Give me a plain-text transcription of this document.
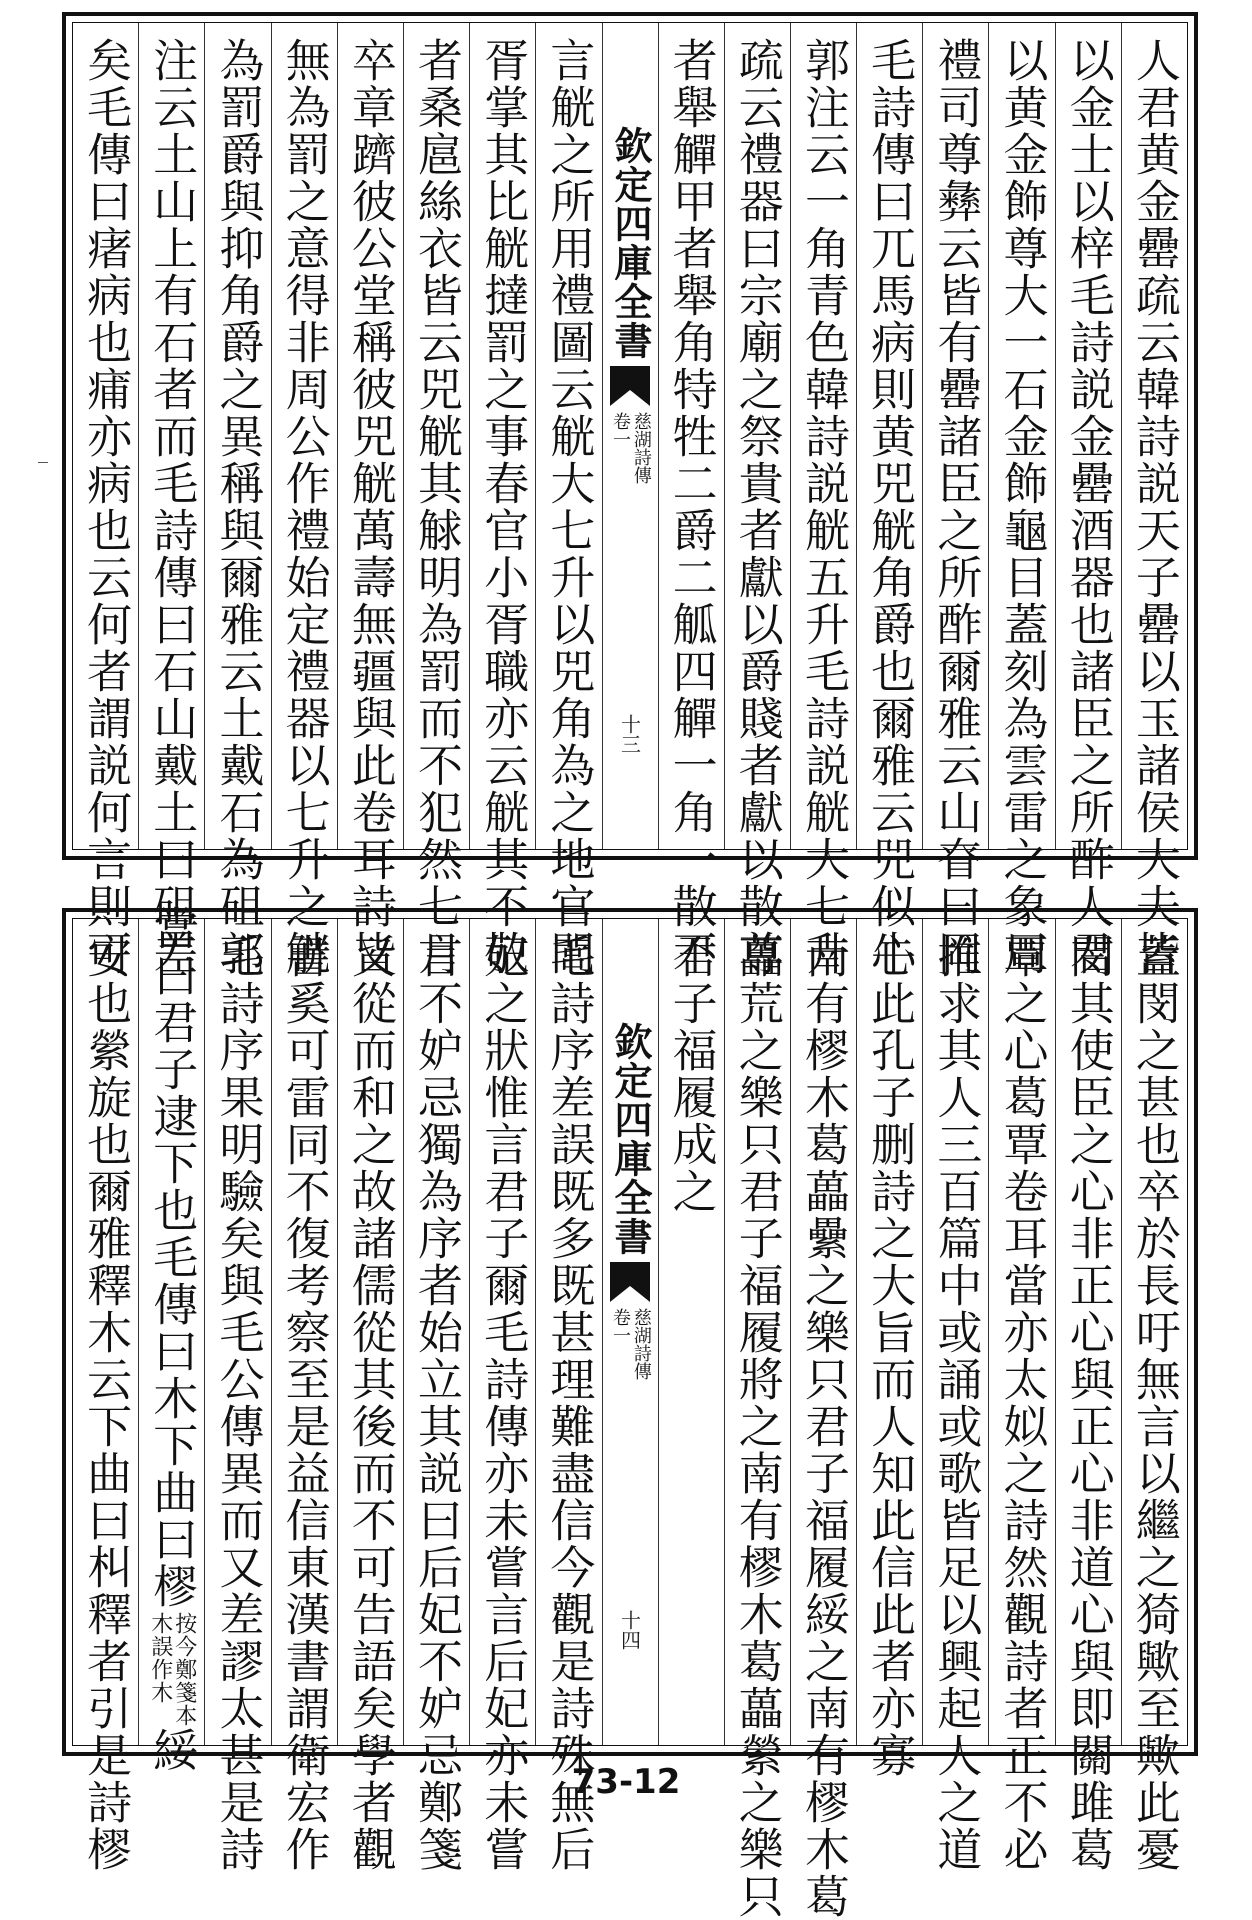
人君黄金罍疏云韓詩説天子罍以玉諸侯大夫皆
以金士以梓毛詩説金罍酒器也諸臣之所酢人君
以黄金飾尊大一石金飾龜目蓋刻為雲雷之象周
禮司尊彝云皆有罍諸臣之所酢爾雅云山眘曰岡
毛詩傳曰兀馬病則黄兕觥角爵也爾雅云兕似牛
郭注云一角青色韓詩説觥五升毛詩説觥大七升
疏云禮器曰宗廟之祭貴者獻以爵賤者獻以散尊
者舉觶甲者舉角特牲二爵二觚四觶一角一散不
欽定四庫全書
慈湖詩傳
卷一
十三
言觥之所用禮圖云觥大七升以兕角為之地官閭
胥掌其比觥撻罰之事春官小胥職亦云觥其不敬
者桑扈絲衣皆云兕觥其觩明為罰而不犯然七月
卒章躋彼公堂稱彼兕觥萬壽無疆與此卷耳詩皆
無為罰之意得非周公作禮始定禮器以七升之觥
為罰爵與抑角爵之異稱與爾雅云土戴石為砠郭
注云土山上有石者而毛詩傳曰石山戴土曰砠差
矣毛傳曰瘏病也痡亦病也云何者謂説何言則可
蓋閔之甚也卒於長吁無言以繼之猗歟至歟此憂
閔其使臣之心非正心與正心非道心與即關雎葛
覃之心葛覃卷耳當亦太姒之詩然觀詩者正不必
推求其人三百篇中或誦或歌皆足以興起人之道
心此孔子删詩之大旨而人知此信此者亦寡
南有樛木葛藟纍之樂只君子福履綏之南有樛木葛
藟荒之樂只君子福履將之南有樛木葛藟縈之樂只
君子福履成之
欽定四庫全書
慈湖詩傳
卷一
十四
毛詩序差誤既多既甚理難盡信今觀是詩殊無后
妃之狀惟言君子爾毛詩傳亦未嘗言后妃亦未嘗
言不妒忌獨為序者始立其説曰后妃不妒忌鄭箋
又從而和之故諸儒從其後而不可告語矣學者觀
書奚可雷同不復考察至是益信東漢書謂衛宏作
毛詩序果明驗矣與毛公傳異而又差謬太甚是詩
當曰君子逮下也毛傳曰木下曲曰樛
按今鄭箋本
木誤作木
綏
安也縈旋也爾雅釋木云下曲曰朻釋者引是詩樛	73-12
